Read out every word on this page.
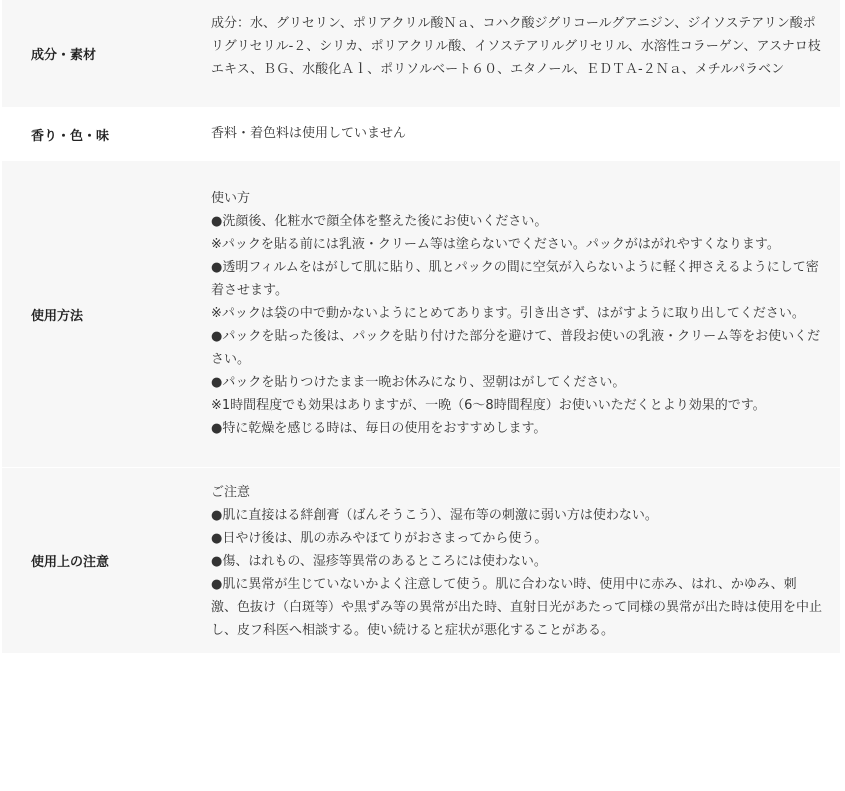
成分・素材

成分：水、グリセリン、ポリアクリル酸Ｎａ、コハク酸ジグリコールグアニジン、ジイソステアリン酸ポリグリセリル-２、シリカ、ポリアクリル酸、イソステアリルグリセリル、水溶性コラーゲン、アスナロ枝エキス、ＢＧ、水酸化Ａｌ、ポリソルベート６０、エタノール、ＥＤＴＡ-２Ｎａ、メチルパラベン

香り・色・味	香料・着色料は使用していません

使用方法

使い方

●洗顔後、化粧水で顔全体を整えた後にお使いください。

※パックを貼る前には乳液・クリーム等は塗らないでください。パックがはがれやすくなります。

●透明フィルムをはがして肌に貼り、肌とパックの間に空気が入らないように軽く押さえるようにして密着させます。

※パックは袋の中で動かないようにとめてあります。引き出さず、はがすように取り出してください。

●パックを貼った後は、パックを貼り付けた部分を避けて、普段お使いの乳液・クリーム等をお使いください。

●パックを貼りつけたまま一晩お休みになり、翌朝はがしてください。

※1時間程度でも効果はありますが、一晩（6～8時間程度）お使いいただくとより効果的です。

●特に乾燥を感じる時は、毎日の使用をおすすめします。

使用上の注意

ご注意

●肌に直接はる絆創膏（ばんそうこう）、湿布等の刺激に弱い方は使わない。

●日やけ後は、肌の赤みやほてりがおさまってから使う。

●傷、はれもの、湿疹等異常のあるところには使わない。

●肌に異常が生じていないかよく注意して使う。肌に合わない時、使用中に赤み、はれ、かゆみ、刺激、色抜け（白斑等）や黒ずみ等の異常が出た時、直射日光があたって同様の異常が出た時は使用を中止し、皮フ科医へ相談する。使い続けると症状が悪化することがある。
